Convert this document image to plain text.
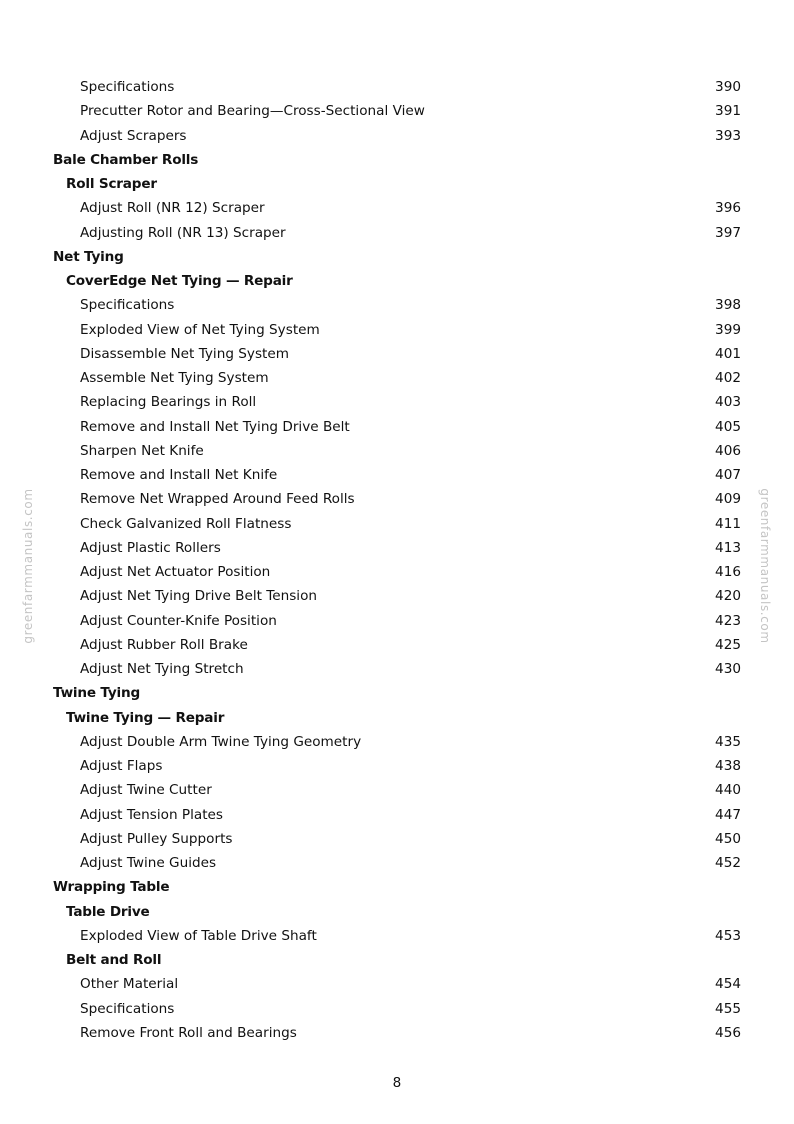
Specifications	390
Precutter Rotor and Bearing—Cross-Sectional View	391
Adjust Scrapers	393
Bale Chamber Rolls
Roll Scraper
Adjust Roll (NR 12) Scraper	396
Adjusting Roll (NR 13) Scraper	397
Net Tying
CoverEdge Net Tying — Repair
Specifications	398
Exploded View of Net Tying System	399
Disassemble Net Tying System	401
Assemble Net Tying System	402
Replacing Bearings in Roll	403
Remove and Install Net Tying Drive Belt	405
Sharpen Net Knife	406
Remove and Install Net Knife	407
Remove Net Wrapped Around Feed Rolls	409
Check Galvanized Roll Flatness	411
Adjust Plastic Rollers	413
Adjust Net Actuator Position	416
Adjust Net Tying Drive Belt Tension	420
Adjust Counter-Knife Position	423
Adjust Rubber Roll Brake	425
Adjust Net Tying Stretch	430
Twine Tying
Twine Tying — Repair
Adjust Double Arm Twine Tying Geometry	435
Adjust Flaps	438
Adjust Twine Cutter	440
Adjust Tension Plates	447
Adjust Pulley Supports	450
Adjust Twine Guides	452
Wrapping Table
Table Drive
Exploded View of Table Drive Shaft	453
Belt and Roll
Other Material	454
Specifications	455
Remove Front Roll and Bearings	456
8
greenfarmmanuals.com	greenfarmmanuals.com
